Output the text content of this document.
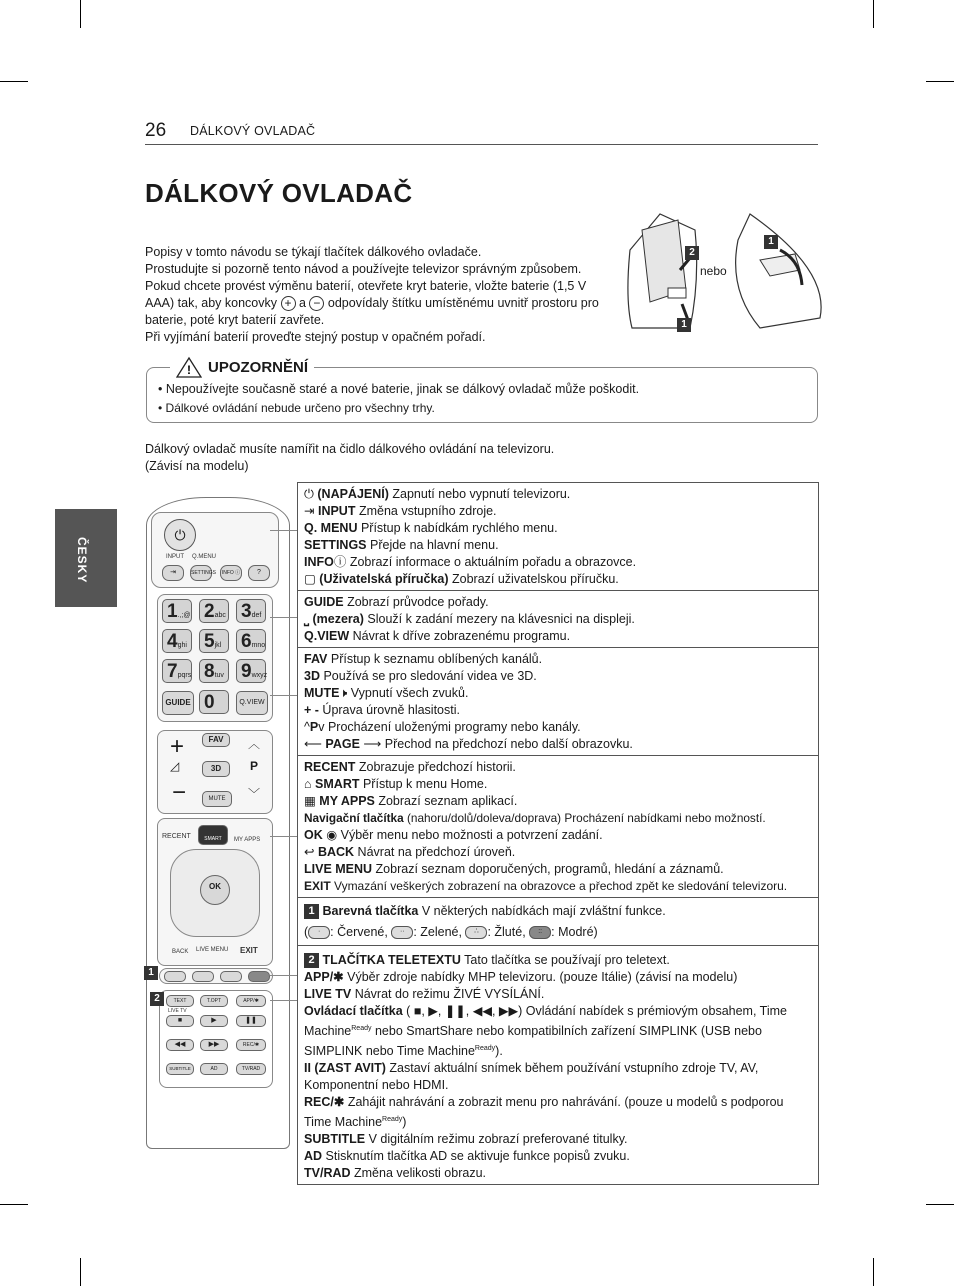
26 DÁLKOVÝ OVLADAČ
DÁLKOVÝ OVLADAČ
Popisy v tomto návodu se týkají tlačítek dálkového ovladače.
Prostudujte si pozorně tento návod a používejte televizor správným způsobem.
Pokud chcete provést výměnu baterií, otevřete kryt baterie, vložte baterie (1,5 V
AAA) tak, aby koncovky + a − odpovídaly štítku umístěnému uvnitř prostoru pro
baterie, poté kryt baterií zavřete.
Při vyjímání baterií proveďte stejný postup v opačném pořadí.
2
1
1
nebo
! UPOZORNĚNÍ
• Nepoužívejte současně staré a nové baterie, jinak se dálkový ovladač může poškodit.
• Dálkové ovládání nebude určeno pro všechny trhy.
Dálkový ovladač musíte namířit na čidlo dálkového ovládání na televizoru.
(Závisí na modelu)
ČESKY
⏻
INPUT Q.MENU
⇥	SETTINGS	INFO ⓘ	?
1.,;@ 2abc 3def
4ghi 5jkl	6mno
7pqrs 8tuv 9wxyz
GUIDE 0	Q.VIEW
+
◿
−
FAV
3D
MUTE
︿
P
﹀
RECENT	SMART	MY APPS
OK
BACK LIVE MENU EXIT
TEXT	T.OPT	APP/✱
LIVE TV
■	▶	❚❚
◀◀	▶▶	REC/✱
SUBTITLE	AD	TV/RAD
1
2
⏻ (NAPÁJENÍ) Zapnutí nebo vypnutí televizoru.
⇥ INPUT Změna vstupního zdroje.
Q. MENU Přístup k nabídkám rychlého menu.
SETTINGS Přejde na hlavní menu.
INFOⓘ Zobrazí informace o aktuálním pořadu a obrazovce.
▢ (Uživatelská příručka) Zobrazí uživatelskou příručku.
GUIDE Zobrazí průvodce pořady.
⎵ (mezera) Slouží k zadání mezery na klávesnici na displeji.
Q.VIEW Návrat k dříve zobrazenému programu.
FAV Přístup k seznamu oblíbených kanálů.
3D Používá se pro sledování videa ve 3D.
MUTE🕨 Vypnutí všech zvuků.
+ - Úprava úrovně hlasitosti.
^Pv Procházení uloženými programy nebo kanály.
⟵ PAGE ⟶ Přechod na předchozí nebo další obrazovku.
RECENT Zobrazuje předchozí historii.
⌂ SMART Přístup k menu Home.
▦ MY APPS Zobrazí seznam aplikací.
Navigační tlačítka (nahoru/dolů/doleva/doprava) Procházení nabídkami nebo možností.
OK ◉ Výběr menu nebo možnosti a potvrzení zadání.
↩ BACK Návrat na předchozí úroveň.
LIVE MENU Zobrazí seznam doporučených, programů, hledání a záznamů.
EXIT Vymazání veškerých zobrazení na obrazovce a přechod zpět ke sledování televizoru.
1 Barevná tlačítka V některých nabídkách mají zvláštní funkce.
( · : Červené, ·· : Zelené, ∴ : Žluté, :: : Modré)
2 TLAČÍTKA TELETEXTU Tato tlačítka se používají pro teletext.
APP/✱ Výběr zdroje nabídky MHP televizoru. (pouze Itálie) (závisí na modelu)
LIVE TV Návrat do režimu ŽIVÉ VYSÍLÁNÍ.
Ovládací tlačítka ( ■, ▶, ❚❚, ◀◀, ▶▶) Ovládání nabídek s prémiovým obsahem, Time
Machine$^{Ready}$ nebo SmartShare nebo kompatibilních zařízení SIMPLINK (USB nebo
SIMPLINK nebo Time Machine$^{Ready}$).
II (ZAST AVIT) Zastaví aktuální snímek během používání vstupního zdroje TV, AV,
Komponentní nebo HDMI.
REC/✱ Zahájit nahrávání a zobrazit menu pro nahrávání. (pouze u modelů s podporou
Time Machine$^{Ready}$)
SUBTITLE V digitálním režimu zobrazí preferované titulky.
AD Stisknutím tlačítka AD se aktivuje funkce popisů zvuku.
TV/RAD Změna velikosti obrazu.
